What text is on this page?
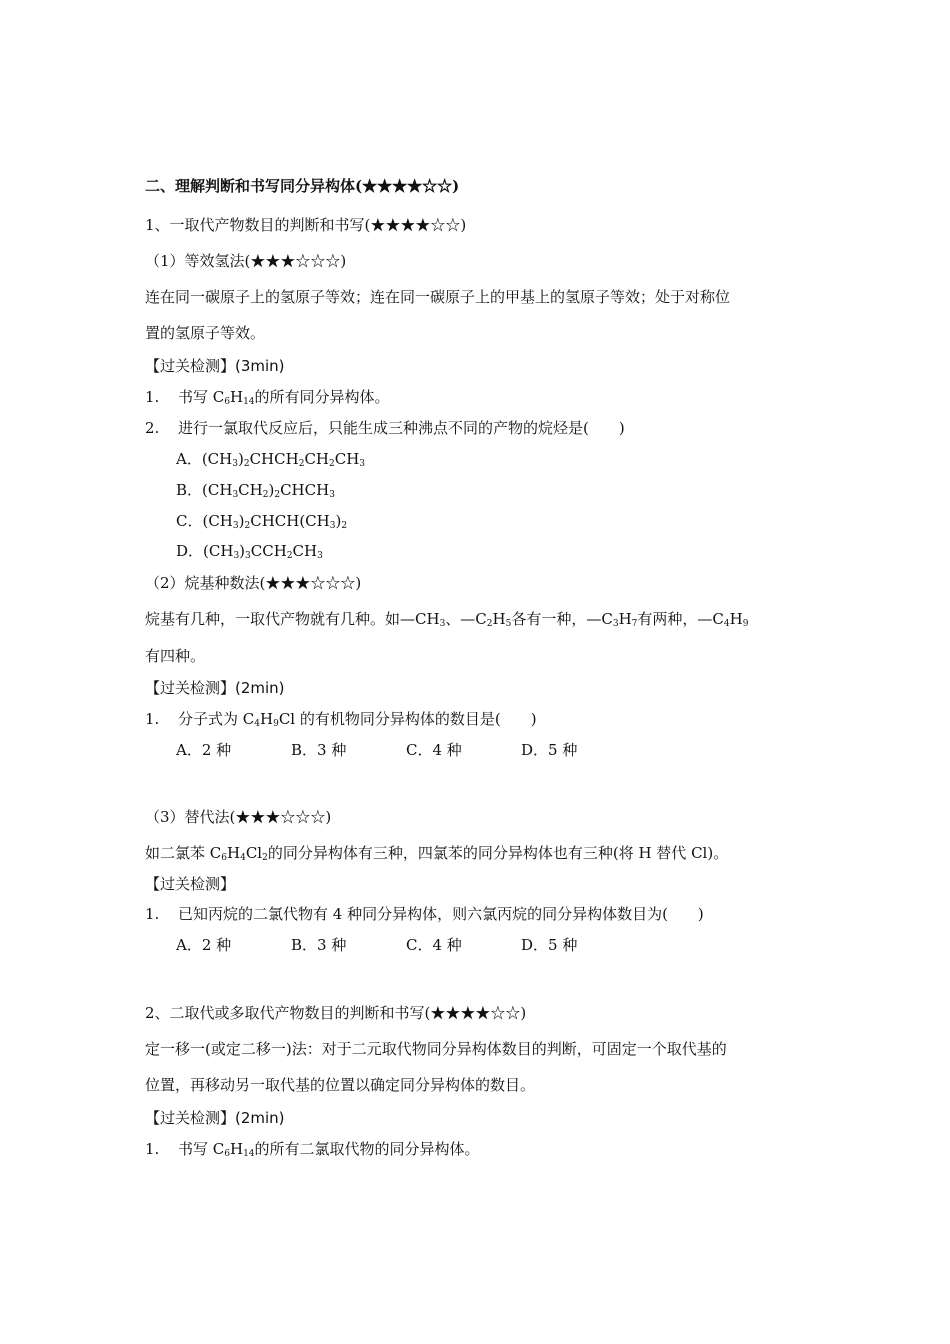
二、理解判断和书写同分异构体(★★★★☆☆)
1、一取代产物数目的判断和书写(★★★★☆☆)
（1）等效氢法(★★★☆☆☆)
连在同一碳原子上的氢原子等效；连在同一碳原子上的甲基上的氢原子等效；处于对称位
置的氢原子等效。
【过关检测】(3min)
1. 书写 $C_6H_{14}$的所有同分异构体。
2. 进行一氯取代反应后，只能生成三种沸点不同的产物的烷烃是(　　)
A．$(CH_3)_2CHCH_2CH_2CH_3$
B．$(CH_3CH_2)_2CHCH_3$
C．$(CH_3)_2CHCH(CH_3)_2$
D．$(CH_3)_3CCH_2CH_3$
（2）烷基种数法(★★★☆☆☆)
烷基有几种，一取代产物就有几种。如$—CH_3$、$—C_2H_5$各有一种，$—C_3H_7$有两种，$—C_4H_9$
有四种。
【过关检测】(2min)
1. 分子式为 $C_4H_9Cl$ 的有机物同分异构体的数目是(　　)
A．2 种	B．3 种	C．4 种	D．5 种
（3）替代法(★★★☆☆☆)
如二氯苯 $C_6H_4Cl_2$的同分异构体有三种，四氯苯的同分异构体也有三种(将 H 替代 Cl)。
【过关检测】
1. 已知丙烷的二氯代物有 4 种同分异构体，则六氯丙烷的同分异构体数目为(　　)
A．2 种	B．3 种	C．4 种	D．5 种
2、二取代或多取代产物数目的判断和书写(★★★★☆☆)
定一移一(或定二移一)法：对于二元取代物同分异构体数目的判断，可固定一个取代基的
位置，再移动另一取代基的位置以确定同分异构体的数目。
【过关检测】(2min)
1. 书写 $C_6H_{14}$的所有二氯取代物的同分异构体。
